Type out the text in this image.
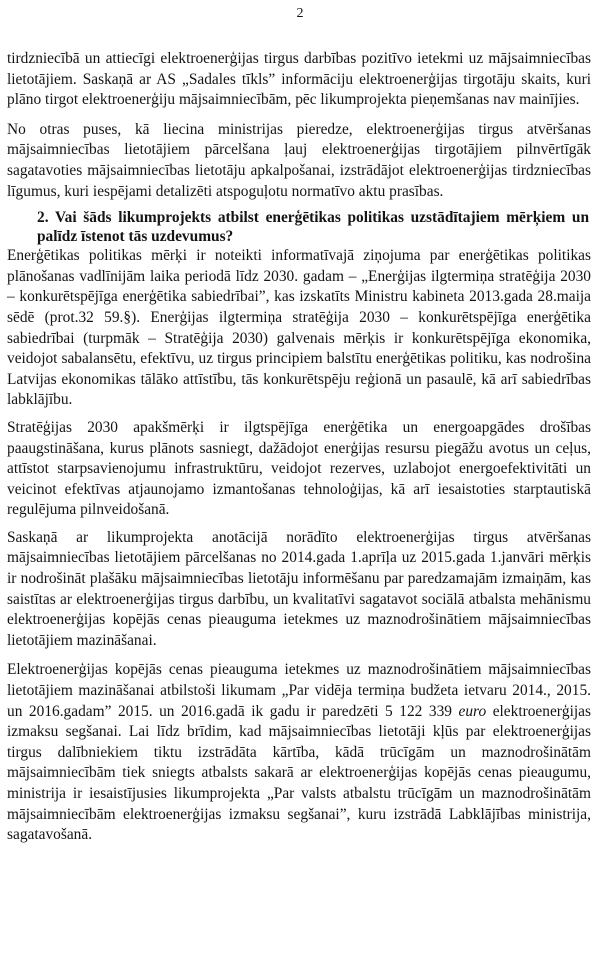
2

tirdzniecībā un attiecīgi elektroenerģijas tirgus darbības pozitīvo ietekmi uz mājsaimniecības lietotājiem. Saskaņā ar AS „Sadales tīkls” informāciju elektroenerģijas tirgotāju skaits, kuri plāno tirgot elektroenerģiju mājsaimniecībām, pēc likumprojekta pieņemšanas nav mainījies.

No otras puses, kā liecina ministrijas pieredze, elektroenerģijas tirgus atvēršanas mājsaimniecības lietotājiem pārcelšana ļauj elektroenerģijas tirgotājiem pilnvērtīgāk sagatavoties mājsaimniecības lietotāju apkalpošanai, izstrādājot elektroenerģijas tirdzniecības līgumus, kuri iespējami detalizēti atspoguļotu normatīvo aktu prasības.

2. Vai šāds likumprojekts atbilst enerģētikas politikas uzstādītajiem mērķiem un palīdz īstenot tās uzdevumus?

Enerģētikas politikas mērķi ir noteikti informatīvajā ziņojuma par enerģētikas politikas plānošanas vadlīnijām laika periodā līdz 2030. gadam – „Enerģijas ilgtermiņa stratēģija 2030 – konkurētspējīga enerģētika sabiedrībai”, kas izskatīts Ministru kabineta 2013.gada 28.maija sēdē (prot.32 59.§). Enerģijas ilgtermiņa stratēģija 2030 – konkurētspējīga enerģētika sabiedrībai (turpmāk – Stratēģija 2030) galvenais mērķis ir konkurētspējīga ekonomika, veidojot sabalansētu, efektīvu, uz tirgus principiem balstītu enerģētikas politiku, kas nodrošina Latvijas ekonomikas tālāko attīstību, tās konkurētspēju reģionā un pasaulē, kā arī sabiedrības labklājību.

Stratēģijas 2030 apakšmērķi ir ilgtspējīga enerģētika un energoapgādes drošības paaugstināšana, kurus plānots sasniegt, dažādojot enerģijas resursu piegāžu avotus un ceļus, attīstot starpsavienojumu infrastruktūru, veidojot rezerves, uzlabojot energoefektivitāti un veicinot efektīvas atjaunojamo izmantošanas tehnoloģijas, kā arī iesaistoties starptautiskā regulējuma pilnveidošanā.

Saskaņā ar likumprojekta anotācijā norādīto elektroenerģijas tirgus atvēršanas mājsaimniecības lietotājiem pārcelšanas no 2014.gada 1.aprīļa uz 2015.gada 1.janvāri mērķis ir nodrošināt plašāku mājsaimniecības lietotāju informēšanu par paredzamajām izmaiņām, kas saistītas ar elektroenerģijas tirgus darbību, un kvalitatīvi sagatavot sociālā atbalsta mehānismu elektroenerģijas kopējās cenas pieauguma ietekmes uz maznodrošinātiem mājsaimniecības lietotājiem mazināšanai.

Elektroenerģijas kopējās cenas pieauguma ietekmes uz maznodrošinātiem mājsaimniecības lietotājiem mazināšanai atbilstoši likumam „Par vidēja termiņa budžeta ietvaru 2014., 2015. un 2016.gadam” 2015. un 2016.gadā ik gadu ir paredzēti 5 122 339 euro elektroenerģijas izmaksu segšanai. Lai līdz brīdim, kad mājsaimniecības lietotāji kļūs par elektroenerģijas tirgus dalībniekiem tiktu izstrādāta kārtība, kādā trūcīgām un maznodrošinātām mājsaimniecībām tiek sniegts atbalsts sakarā ar elektroenerģijas kopējās cenas pieaugumu, ministrija ir iesaistījusies likumprojekta „Par valsts atbalstu trūcīgām un maznodrošinātām mājsaimniecībām elektroenerģijas izmaksu segšanai”, kuru izstrādā Labklājības ministrija, sagatavošanā.
